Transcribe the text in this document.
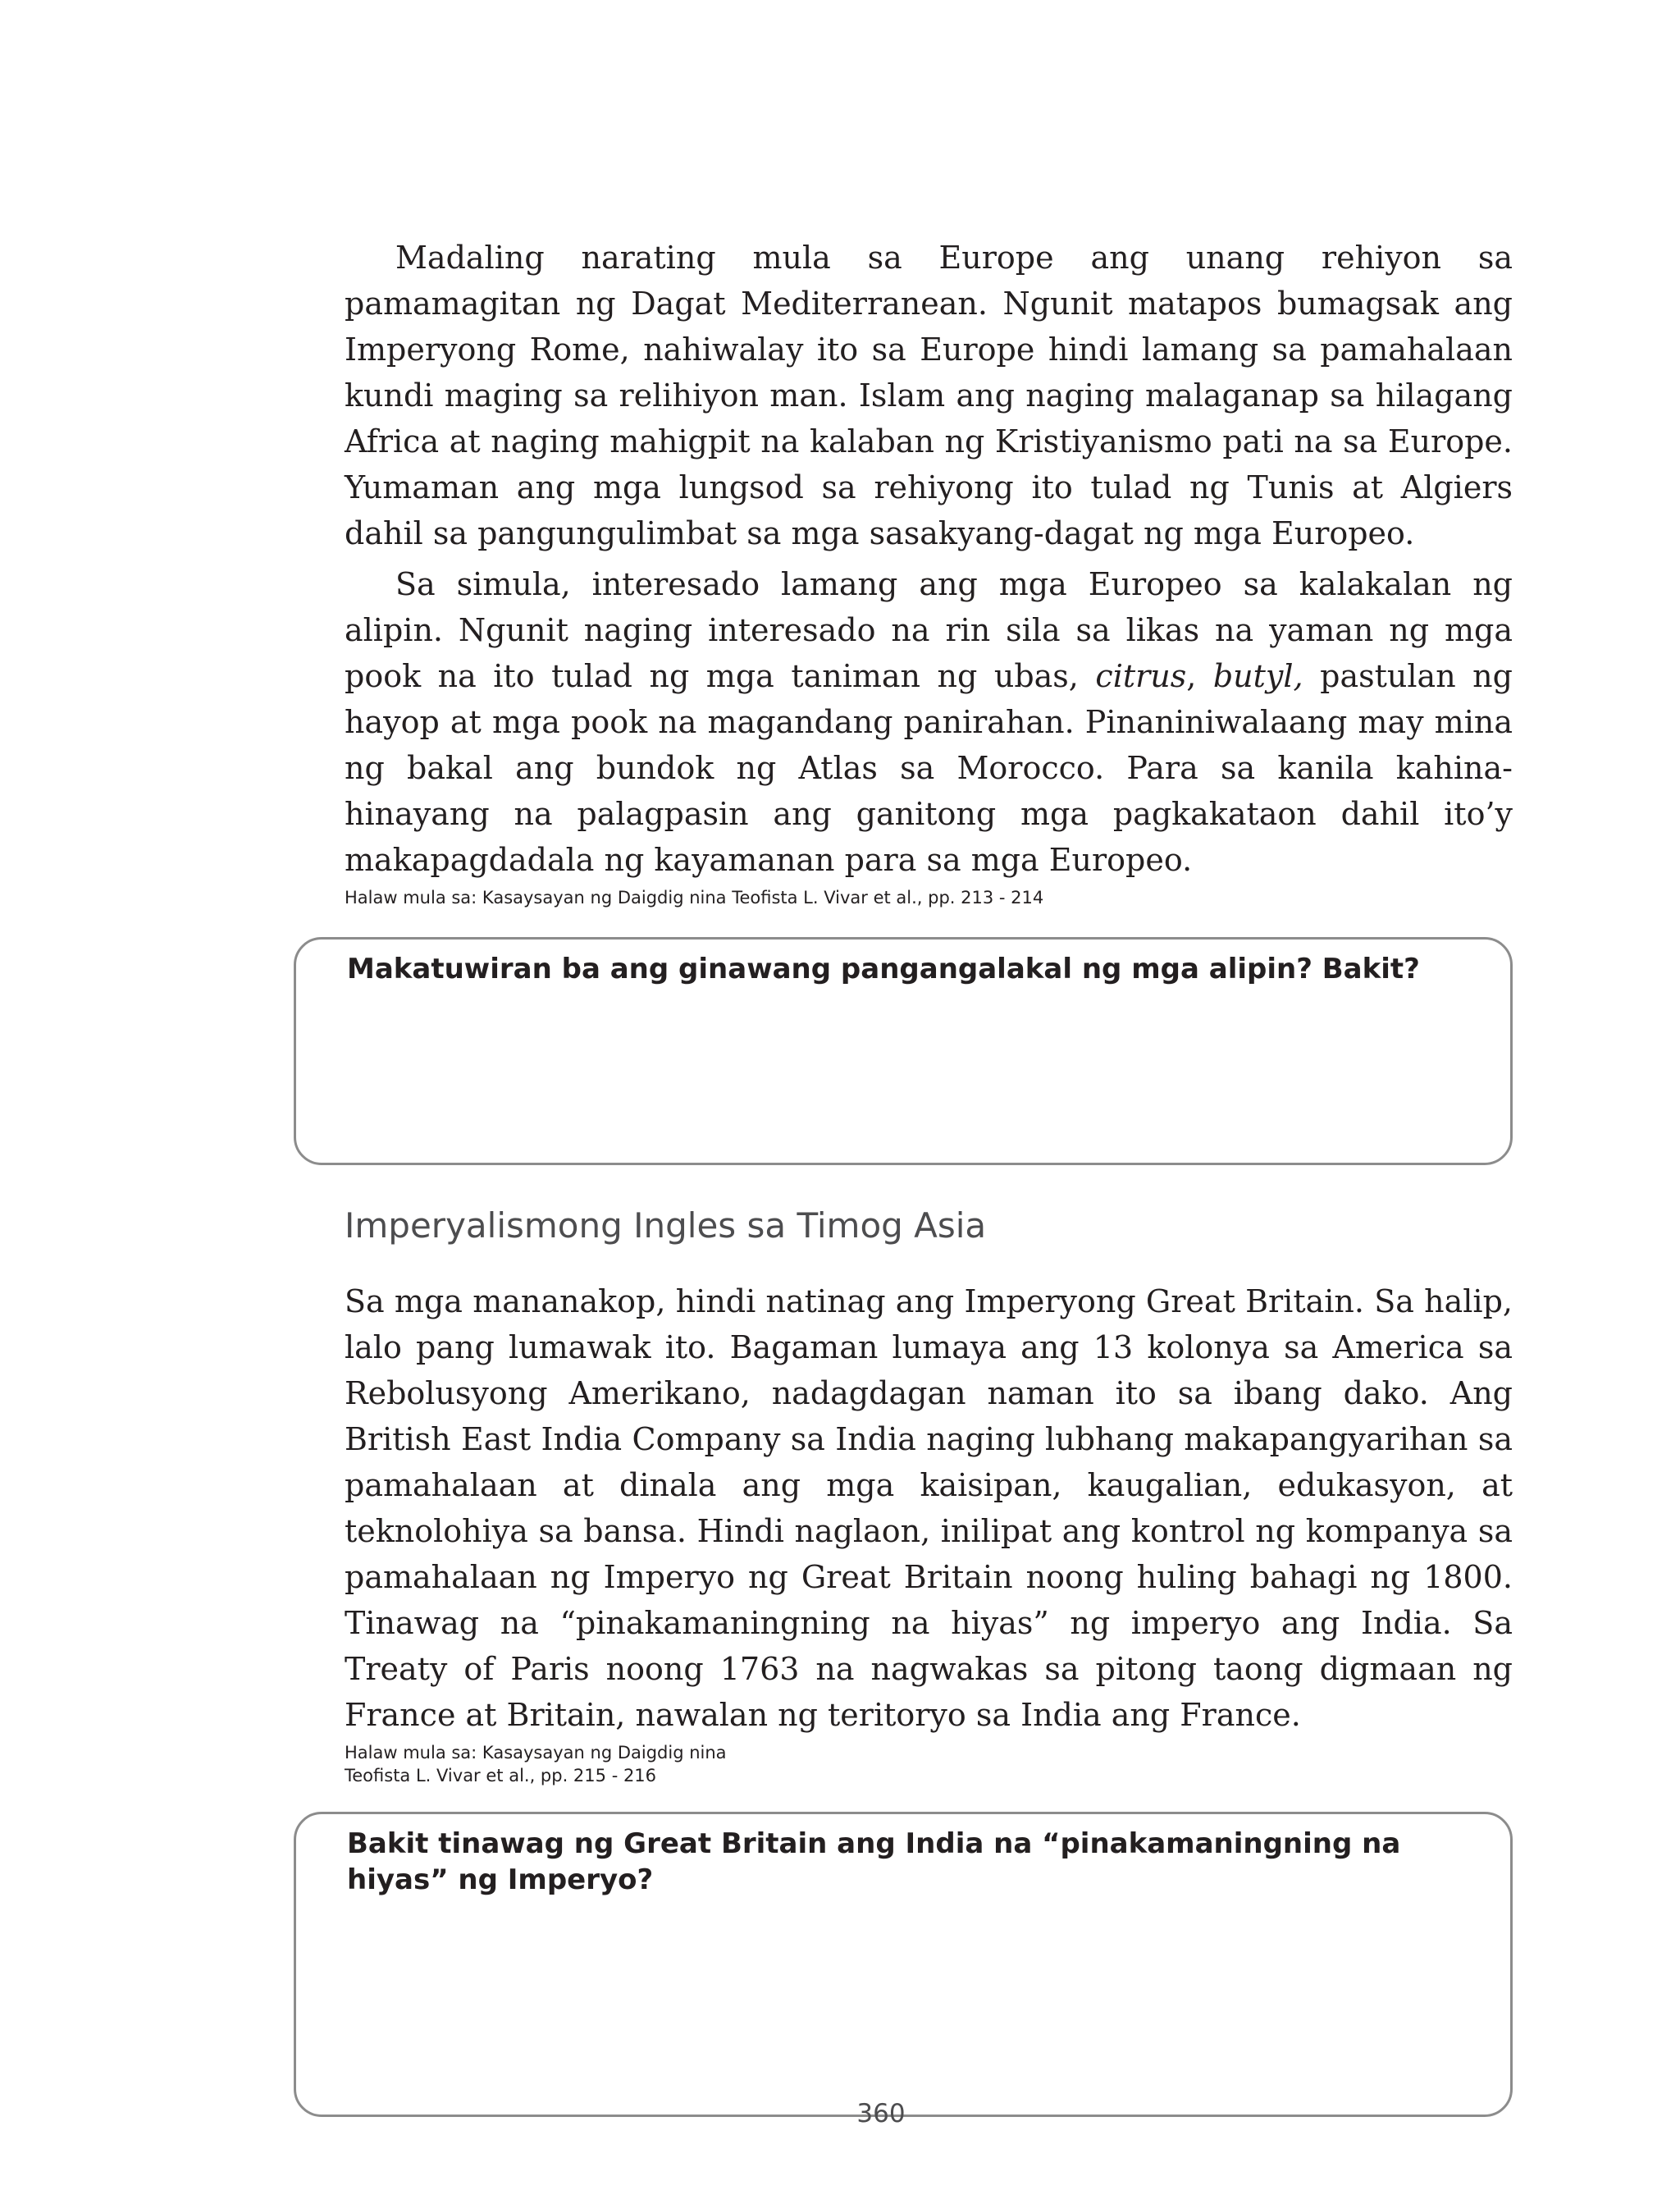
Madaling narating mula sa Europe ang unang rehiyon sa pamamagitan ng Dagat Mediterranean. Ngunit matapos bumagsak ang Imperyong Rome, nahiwalay ito sa Europe hindi lamang sa pamahalaan kundi maging sa relihiyon man. Islam ang naging malaganap sa hilagang Africa at naging mahigpit na kalaban ng Kristiyanismo pati na sa Europe. Yumaman ang mga lungsod sa rehiyong ito tulad ng Tunis at Algiers dahil sa pangungulimbat sa mga sasakyang-dagat ng mga Europeo.

Sa simula, interesado lamang ang mga Europeo sa kalakalan ng alipin. Ngunit naging interesado na rin sila sa likas na yaman ng mga pook na ito tulad ng mga taniman ng ubas, citrus, butyl, pastulan ng hayop at mga pook na magandang panirahan. Pinaniniwalaang may mina ng bakal ang bundok ng Atlas sa Morocco. Para sa kanila kahina-hinayang na palagpasin ang ganitong mga pagkakataon dahil ito’y makapagdadala ng kayamanan para sa mga Europeo.

Halaw mula sa: Kasaysayan ng Daigdig nina Teofista L. Vivar et al., pp. 213 - 214

Makatuwiran ba ang ginawang pangangalakal ng mga alipin? Bakit?

Imperyalismong Ingles sa Timog Asia

Sa mga mananakop, hindi natinag ang Imperyong Great Britain. Sa halip, lalo pang lumawak ito. Bagaman lumaya ang 13 kolonya sa America sa Rebolusyong Amerikano, nadagdagan naman ito sa ibang dako. Ang British East India Company sa India naging lubhang makapangyarihan sa pamahalaan at dinala ang mga kaisipan, kaugalian, edukasyon, at teknolohiya sa bansa. Hindi naglaon, inilipat ang kontrol ng kompanya sa pamahalaan ng Imperyo ng Great Britain noong huling bahagi ng 1800. Tinawag na “pinakamaningning na hiyas” ng imperyo ang India. Sa Treaty of Paris noong 1763 na nagwakas sa pitong taong digmaan ng France at Britain, nawalan ng teritoryo sa India ang France.

Halaw mula sa: Kasaysayan ng Daigdig nina

Teofista L. Vivar et al., pp. 215 - 216

Bakit tinawag ng Great Britain ang India na “pinakamaningning na hiyas” ng Imperyo?

360
